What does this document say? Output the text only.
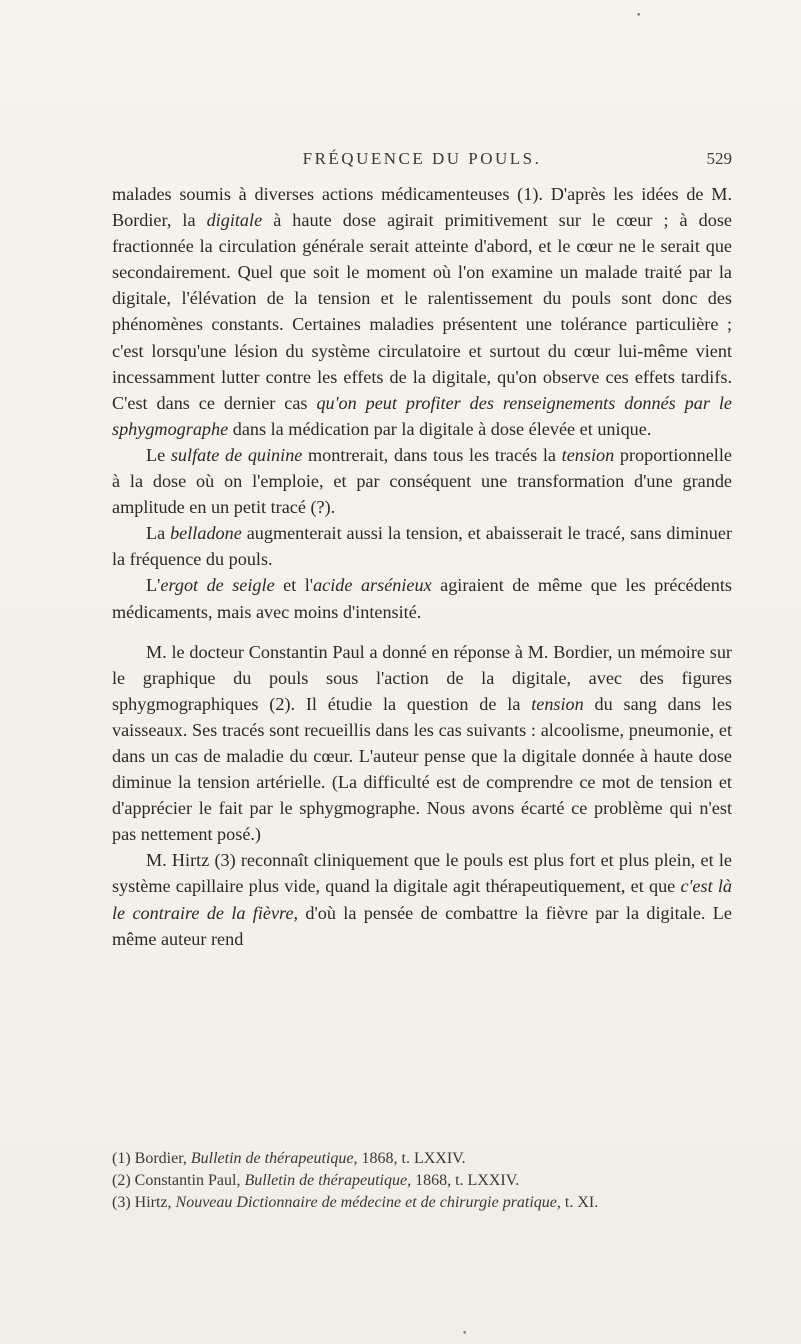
FRÉQUENCE DU POULS.	529

malades soumis à diverses actions médicamenteuses (1). D'après les idées de M. Bordier, la digitale à haute dose agirait primitivement sur le cœur ; à dose fractionnée la circulation générale serait atteinte d'abord, et le cœur ne le serait que secondairement. Quel que soit le moment où l'on examine un malade traité par la digitale, l'élévation de la tension et le ralentissement du pouls sont donc des phénomènes constants. Certaines maladies présentent une tolérance particulière ; c'est lorsqu'une lésion du système circulatoire et surtout du cœur lui-même vient incessamment lutter contre les effets de la digitale, qu'on observe ces effets tardifs. C'est dans ce dernier cas qu'on peut profiter des renseignements donnés par le sphygmographe dans la médication par la digitale à dose élevée et unique.

Le sulfate de quinine montrerait, dans tous les tracés la tension proportionnelle à la dose où on l'emploie, et par conséquent une transformation d'une grande amplitude en un petit tracé (?).

La belladone augmenterait aussi la tension, et abaisserait le tracé, sans diminuer la fréquence du pouls.

L'ergot de seigle et l'acide arsénieux agiraient de même que les précédents médicaments, mais avec moins d'intensité.

M. le docteur Constantin Paul a donné en réponse à M. Bordier, un mémoire sur le graphique du pouls sous l'action de la digitale, avec des figures sphygmographiques (2). Il étudie la question de la tension du sang dans les vaisseaux. Ses tracés sont recueillis dans les cas suivants : alcoolisme, pneumonie, et dans un cas de maladie du cœur. L'auteur pense que la digitale donnée à haute dose diminue la tension artérielle. (La difficulté est de comprendre ce mot de tension et d'apprécier le fait par le sphygmographe. Nous avons écarté ce problème qui n'est pas nettement posé.)

M. Hirtz (3) reconnaît cliniquement que le pouls est plus fort et plus plein, et le système capillaire plus vide, quand la digitale agit thérapeutiquement, et que c'est là le contraire de la fièvre, d'où la pensée de combattre la fièvre par la digitale. Le même auteur rend

(1) Bordier, Bulletin de thérapeutique, 1868, t. LXXIV.

(2) Constantin Paul, Bulletin de thérapeutique, 1868, t. LXXIV.

(3) Hirtz, Nouveau Dictionnaire de médecine et de chirurgie pratique, t. XI.

•
•
